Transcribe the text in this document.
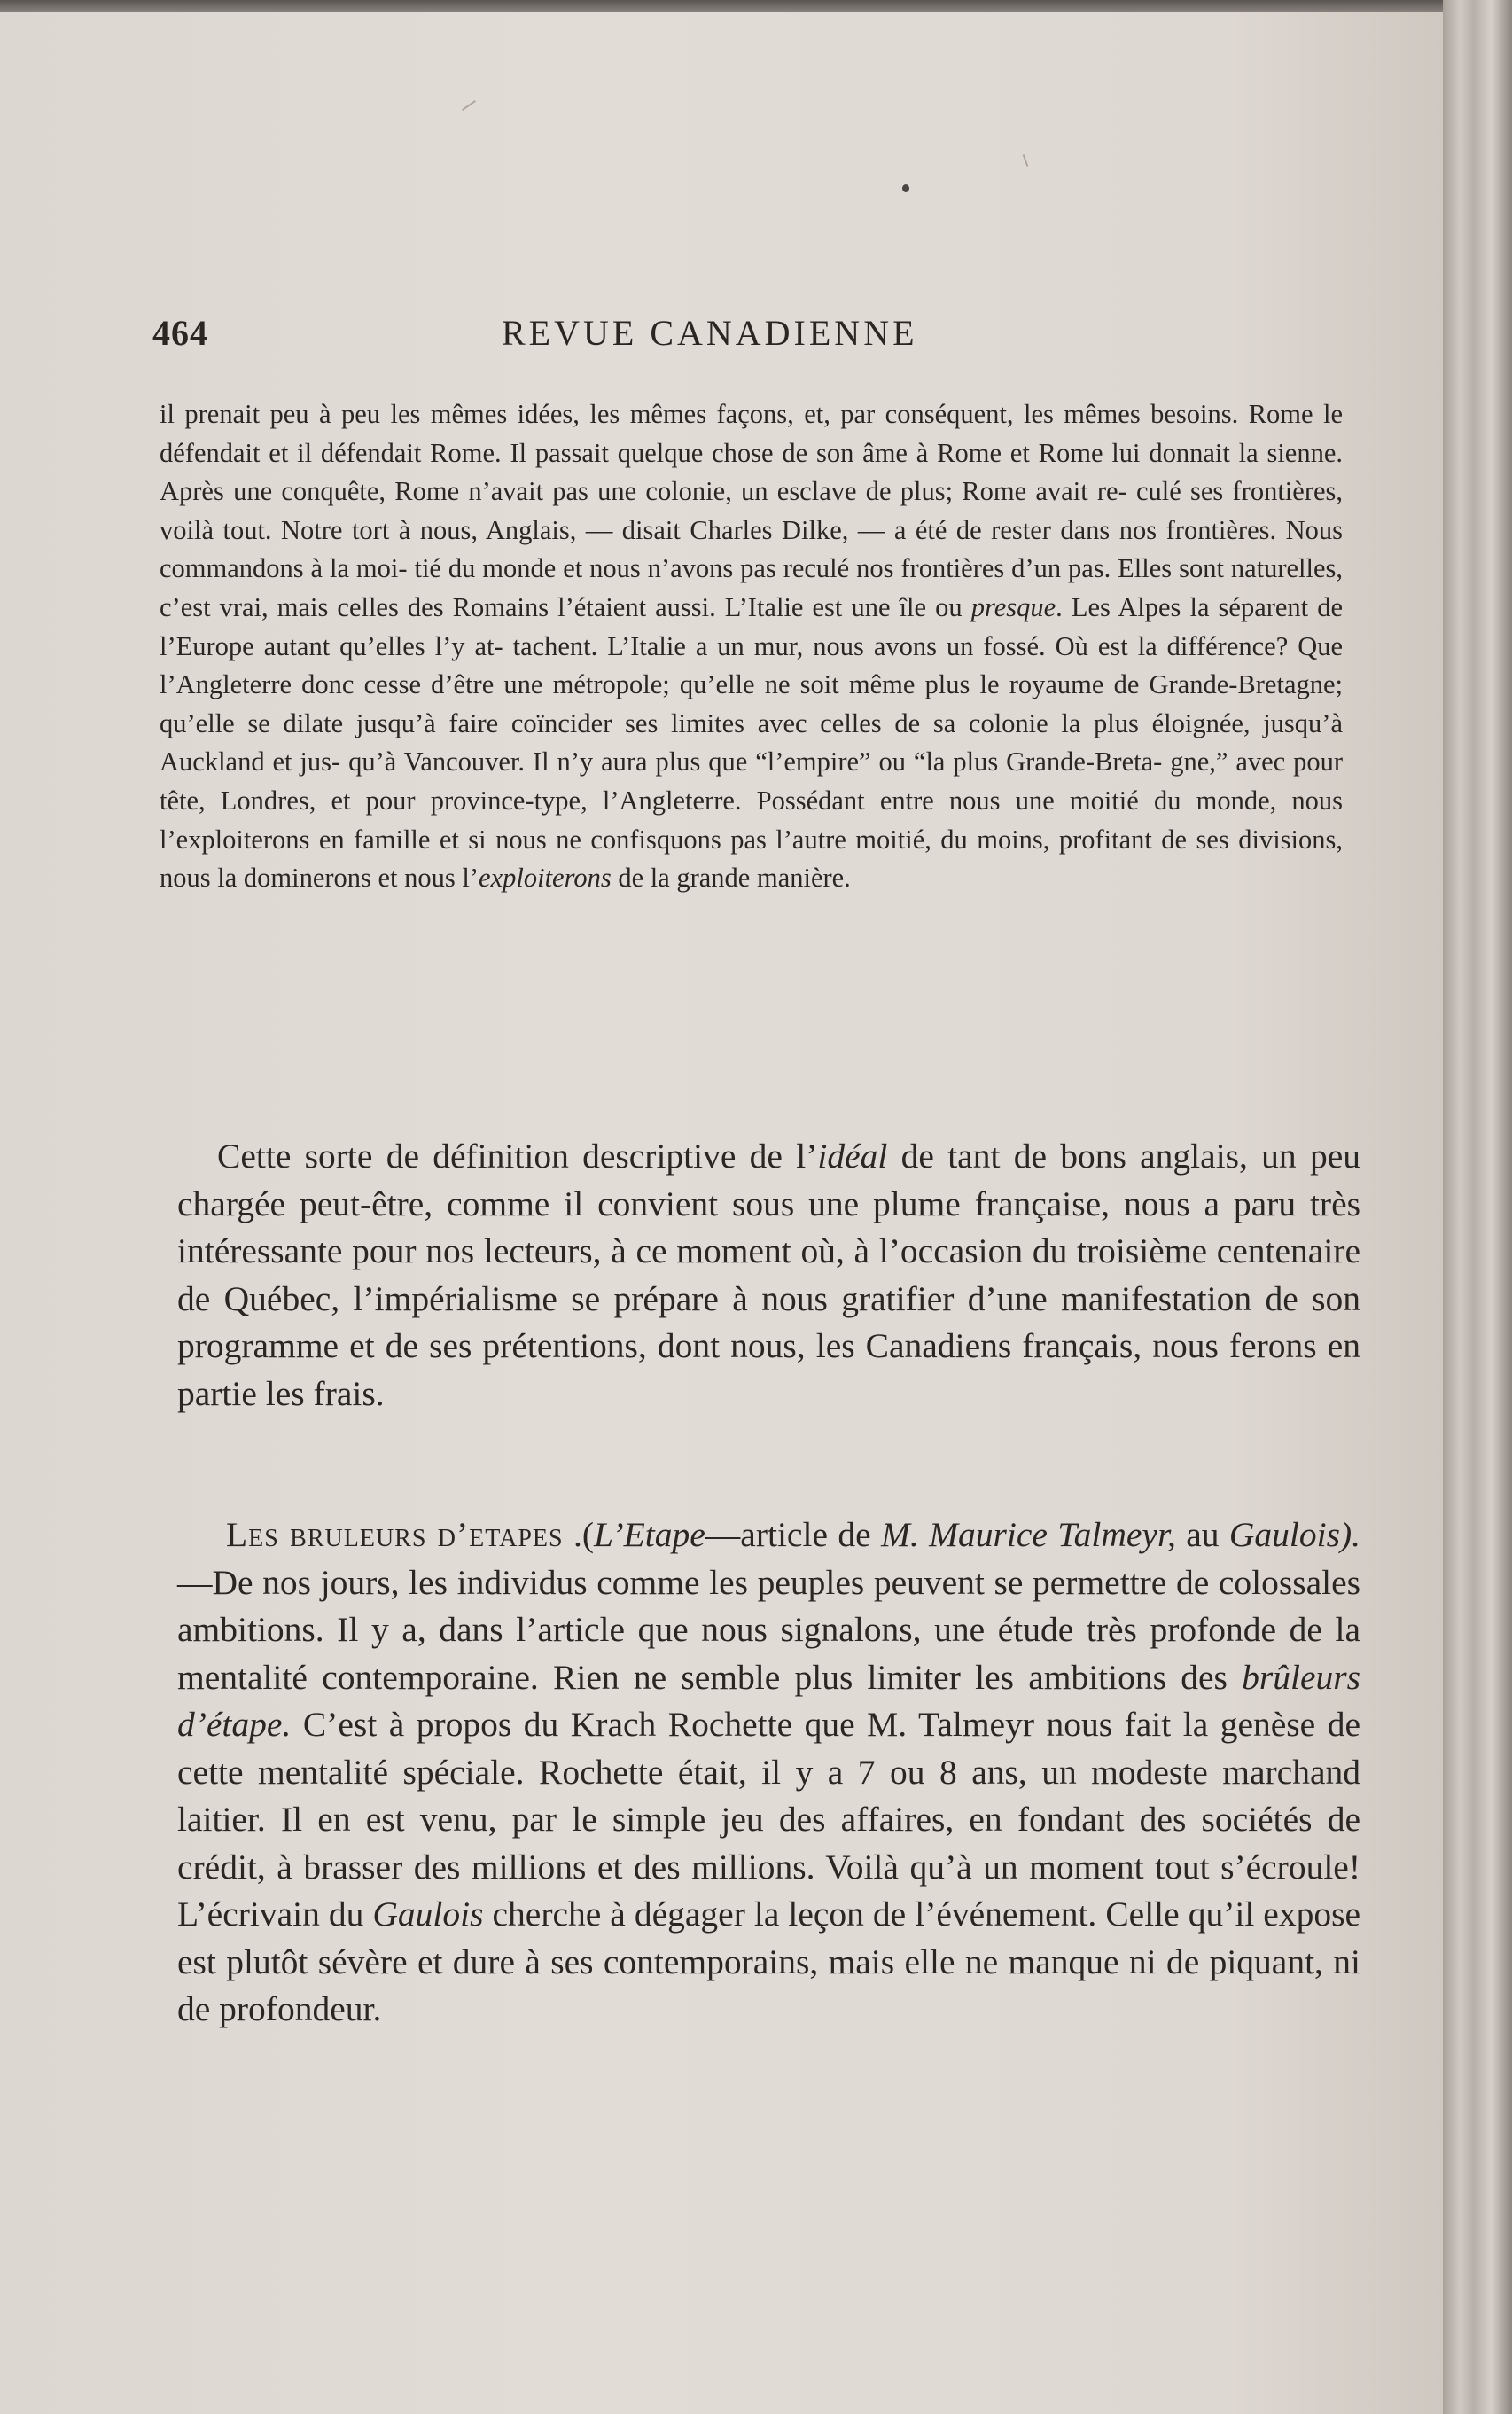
464	REVUE CANADIENNE

il prenait peu à peu les mêmes idées, les mêmes façons, et, par conséquent, les mêmes besoins. Rome le défendait et il défendait Rome. Il passait quelque chose de son âme à Rome et Rome lui donnait la sienne. Après une conquête, Rome n’avait pas une colonie, un esclave de plus; Rome avait re- culé ses frontières, voilà tout. Notre tort à nous, Anglais, — disait Charles Dilke, — a été de rester dans nos frontières. Nous commandons à la moi- tié du monde et nous n’avons pas reculé nos frontières d’un pas. Elles sont naturelles, c’est vrai, mais celles des Romains l’étaient aussi. L’Italie est une île ou presque. Les Alpes la séparent de l’Europe autant qu’elles l’y at- tachent. L’Italie a un mur, nous avons un fossé. Où est la différence? Que l’Angleterre donc cesse d’être une métropole; qu’elle ne soit même plus le royaume de Grande-Bretagne; qu’elle se dilate jusqu’à faire coïncider ses limites avec celles de sa colonie la plus éloignée, jusqu’à Auckland et jus- qu’à Vancouver. Il n’y aura plus que “l’empire” ou “la plus Grande-Breta- gne,” avec pour tête, Londres, et pour province-type, l’Angleterre. Possédant entre nous une moitié du monde, nous l’exploiterons en famille et si nous ne confisquons pas l’autre moitié, du moins, profitant de ses divisions, nous la dominerons et nous l’exploiterons de la grande manière.

Cette sorte de définition descriptive de l’idéal de tant de bons anglais, un peu chargée peut-être, comme il convient sous une plume française, nous a paru très intéressante pour nos lecteurs, à ce moment où, à l’occasion du troisième centenaire de Québec, l’impérialisme se prépare à nous gratifier d’une manifestation de son programme et de ses prétentions, dont nous, les Canadiens français, nous ferons en partie les frais.

Les bruleurs d’etapes .(L’Etape—article de M. Maurice Talmeyr, au Gaulois).—De nos jours, les individus comme les peuples peuvent se permettre de colossales ambitions. Il y a, dans l’article que nous signalons, une étude très profonde de la mentalité contemporaine. Rien ne semble plus limiter les ambitions des brûleurs d’étape. C’est à propos du Krach Rochette que M. Talmeyr nous fait la genèse de cette mentalité spéciale. Rochette était, il y a 7 ou 8 ans, un modeste marchand laitier. Il en est venu, par le simple jeu des affaires, en fondant des sociétés de crédit, à brasser des millions et des millions. Voilà qu’à un moment tout s’écroule! L’écrivain du Gaulois cherche à dégager la leçon de l’événement. Celle qu’il expose est plutôt sévère et dure à ses contemporains, mais elle ne manque ni de piquant, ni de profondeur.
